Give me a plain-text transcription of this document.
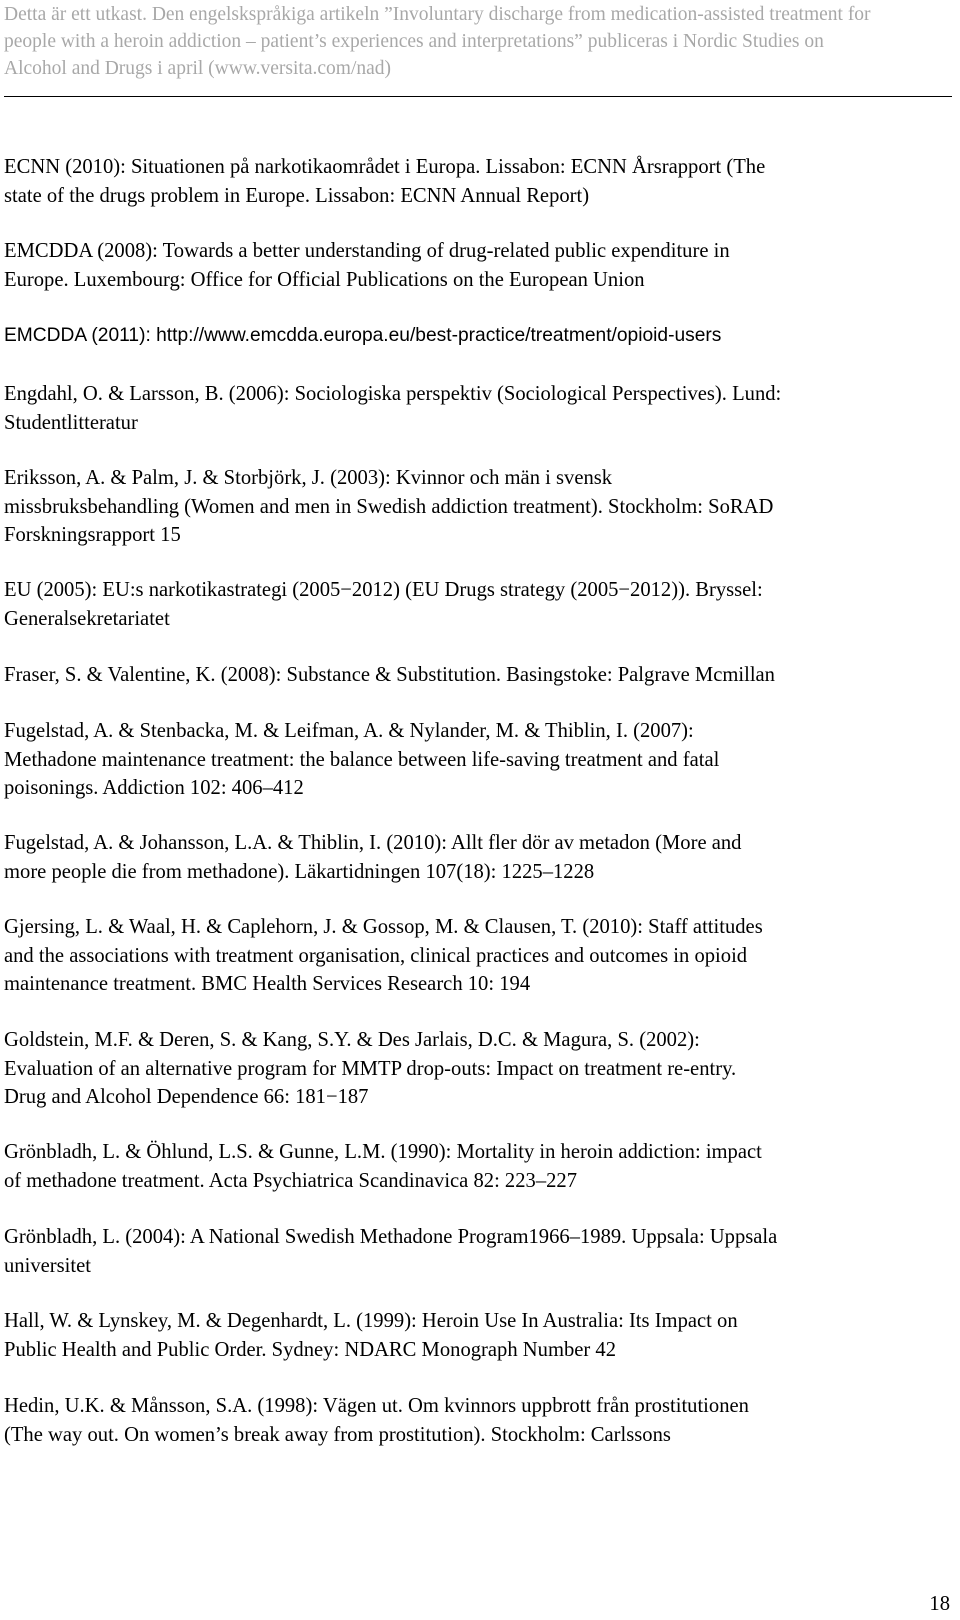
Detta är ett utkast. Den engelskspråkiga artikeln ”Involuntary discharge from medication-assisted treatment for
people with a heroin addiction – patient’s experiences and interpretations” publiceras i Nordic Studies on
Alcohol and Drugs i april (www.versita.com/nad)
ECNN (2010): Situationen på narkotikaområdet i Europa. Lissabon: ECNN Årsrapport (The
state of the drugs problem in Europe. Lissabon: ECNN Annual Report)
EMCDDA (2008): Towards a better understanding of drug-related public expenditure in
Europe. Luxembourg: Office for Official Publications on the European Union
EMCDDA (2011): http://www.emcdda.europa.eu/best-practice/treatment/opioid-users
Engdahl, O. & Larsson, B. (2006): Sociologiska perspektiv (Sociological Perspectives). Lund:
Studentlitteratur
Eriksson, A. & Palm, J. & Storbjörk, J. (2003): Kvinnor och män i svensk
missbruksbehandling (Women and men in Swedish addiction treatment). Stockholm: SoRAD
Forskningsrapport 15
EU (2005): EU:s narkotikastrategi (2005−2012) (EU Drugs strategy (2005−2012)). Bryssel:
Generalsekretariatet
Fraser, S. & Valentine, K. (2008): Substance & Substitution. Basingstoke: Palgrave Mcmillan
Fugelstad, A. & Stenbacka, M. & Leifman, A. & Nylander, M. & Thiblin, I. (2007):
Methadone maintenance treatment: the balance between life-saving treatment and fatal
poisonings. Addiction 102: 406–412
Fugelstad, A. & Johansson, L.A. & Thiblin, I. (2010): Allt fler dör av metadon (More and
more people die from methadone). Läkartidningen 107(18): 1225–1228
Gjersing, L. & Waal, H. & Caplehorn, J. & Gossop, M. & Clausen, T. (2010): Staff attitudes
and the associations with treatment organisation, clinical practices and outcomes in opioid
maintenance treatment. BMC Health Services Research 10: 194
Goldstein, M.F. & Deren, S. & Kang, S.Y. & Des Jarlais, D.C. & Magura, S. (2002):
Evaluation of an alternative program for MMTP drop-outs: Impact on treatment re-entry.
Drug and Alcohol Dependence 66: 181−187
Grönbladh, L. & Öhlund, L.S. & Gunne, L.M. (1990): Mortality in heroin addiction: impact
of methadone treatment. Acta Psychiatrica Scandinavica 82: 223–227
Grönbladh, L. (2004): A National Swedish Methadone Program1966–1989. Uppsala: Uppsala
universitet
Hall, W. & Lynskey, M. & Degenhardt, L. (1999): Heroin Use In Australia: Its Impact on
Public Health and Public Order. Sydney: NDARC Monograph Number 42
Hedin, U.K. & Månsson, S.A. (1998): Vägen ut. Om kvinnors uppbrott från prostitutionen
(The way out. On women’s break away from prostitution). Stockholm: Carlssons
18
